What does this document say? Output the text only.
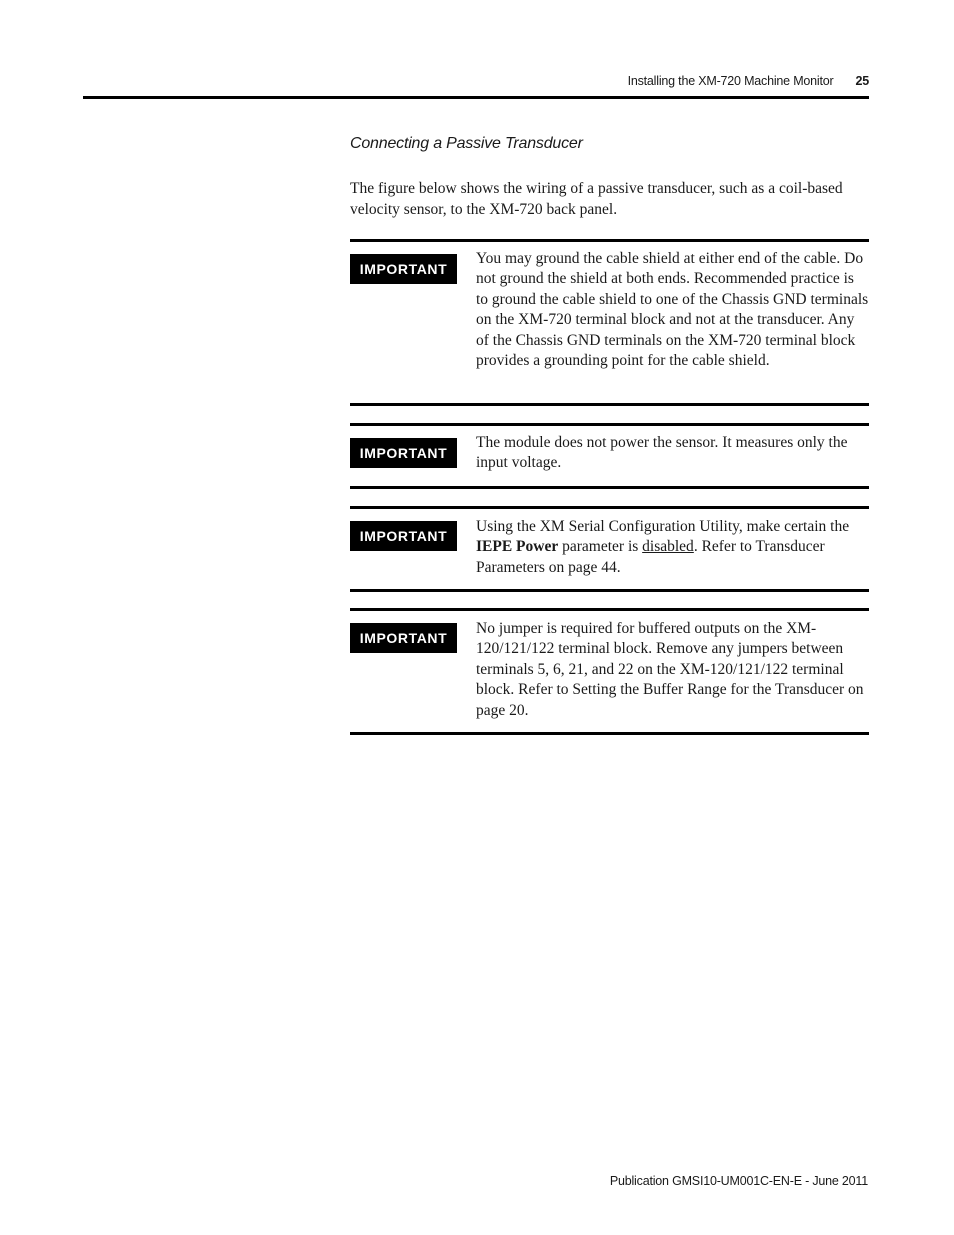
Installing the XM-720 Machine Monitor 25
Connecting a Passive Transducer
The figure below shows the wiring of a passive transducer, such as a coil-based velocity sensor, to the XM-720 back panel.
IMPORTANT
You may ground the cable shield at either end of the cable. Do not ground the shield at both ends. Recommended practice is to ground the cable shield to one of the Chassis GND terminals on the XM-720 terminal block and not at the transducer. Any of the Chassis GND terminals on the XM-720 terminal block provides a grounding point for the cable shield.
IMPORTANT
The module does not power the sensor. It measures only the input voltage.
IMPORTANT
Using the XM Serial Configuration Utility, make certain the IEPE Power parameter is disabled. Refer to Transducer Parameters on page 44.
IMPORTANT
No jumper is required for buffered outputs on the XM-120/121/122 terminal block. Remove any jumpers between terminals 5, 6, 21, and 22 on the XM-120/121/122 terminal block. Refer to Setting the Buffer Range for the Transducer on page 20.
Publication GMSI10-UM001C-EN-E - June 2011
